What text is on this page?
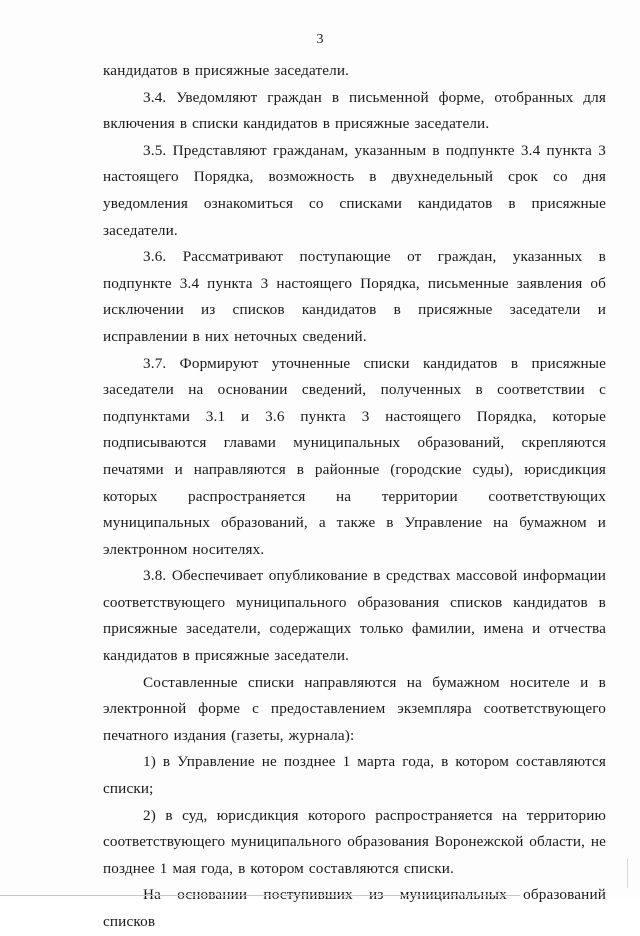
3

кандидатов в присяжные заседатели.

3.4. Уведомляют граждан в письменной форме, отобранных для включения в списки кандидатов в присяжные заседатели.

3.5. Представляют гражданам, указанным в подпункте 3.4 пункта 3 настоящего Порядка, возможность в двухнедельный срок со дня уведомления ознакомиться со списками кандидатов в присяжные заседатели.

3.6. Рассматривают поступающие от граждан, указанных в подпункте 3.4 пункта 3 настоящего Порядка, письменные заявления об исключении из списков кандидатов в присяжные заседатели и исправлении в них неточных сведений.

3.7. Формируют уточненные списки кандидатов в присяжные заседатели на основании сведений, полученных в соответствии с подпунктами 3.1 и 3.6 пункта 3 настоящего Порядка, которые подписываются главами муниципальных образований, скрепляются печатями и направляются в районные (городские суды), юрисдикция которых распространяется на территории соответствующих муниципальных образований, а также в Управление на бумажном и электронном носителях.

3.8. Обеспечивает опубликование в средствах массовой информации соответствующего муниципального образования списков кандидатов в присяжные заседатели, содержащих только фамилии, имена и отчества кандидатов в присяжные заседатели.

Составленные списки направляются на бумажном носителе и в электронной форме с предоставлением экземпляра соответствующего печатного издания (газеты, журнала):

1) в Управление не позднее 1 марта года, в котором составляются списки;

2) в суд, юрисдикция которого распространяется на территорию соответствующего муниципального образования Воронежской области, не позднее 1 мая года, в котором составляются списки.

На основании поступивших из муниципальных образований списков
